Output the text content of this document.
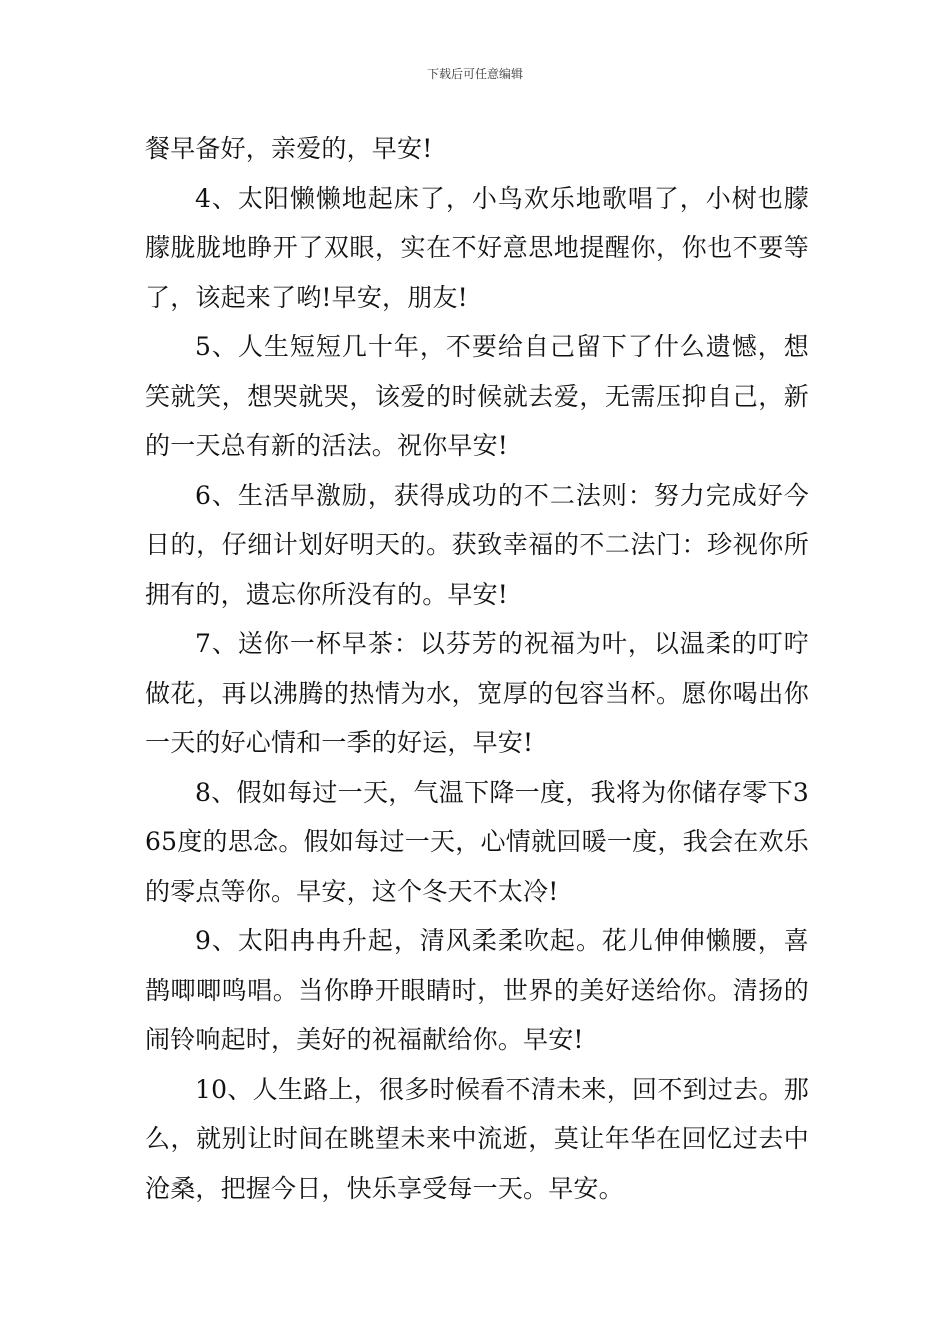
下载后可任意编辑

餐早备好，亲爱的，早安!

4、太阳懒懒地起床了，小鸟欢乐地歌唱了，小树也朦朦胧胧地睁开了双眼，实在不好意思地提醒你，你也不要等了，该起来了哟!早安，朋友!

5、人生短短几十年，不要给自己留下了什么遗憾，想笑就笑，想哭就哭，该爱的时候就去爱，无需压抑自己，新的一天总有新的活法。祝你早安!

6、生活早激励，获得成功的不二法则：努力完成好今日的，仔细计划好明天的。获致幸福的不二法门：珍视你所拥有的，遗忘你所没有的。早安!

7、送你一杯早茶：以芬芳的祝福为叶，以温柔的叮咛做花，再以沸腾的热情为水，宽厚的包容当杯。愿你喝出你一天的好心情和一季的好运，早安!

8、假如每过一天，气温下降一度，我将为你储存零下365度的思念。假如每过一天，心情就回暖一度，我会在欢乐的零点等你。早安，这个冬天不太冷!

9、太阳冉冉升起，清风柔柔吹起。花儿伸伸懒腰，喜鹊唧唧鸣唱。当你睁开眼睛时，世界的美好送给你。清扬的闹铃响起时，美好的祝福献给你。早安!

10、人生路上，很多时候看不清未来，回不到过去。那么，就别让时间在眺望未来中流逝，莫让年华在回忆过去中沧桑，把握今日，快乐享受每一天。早安。
